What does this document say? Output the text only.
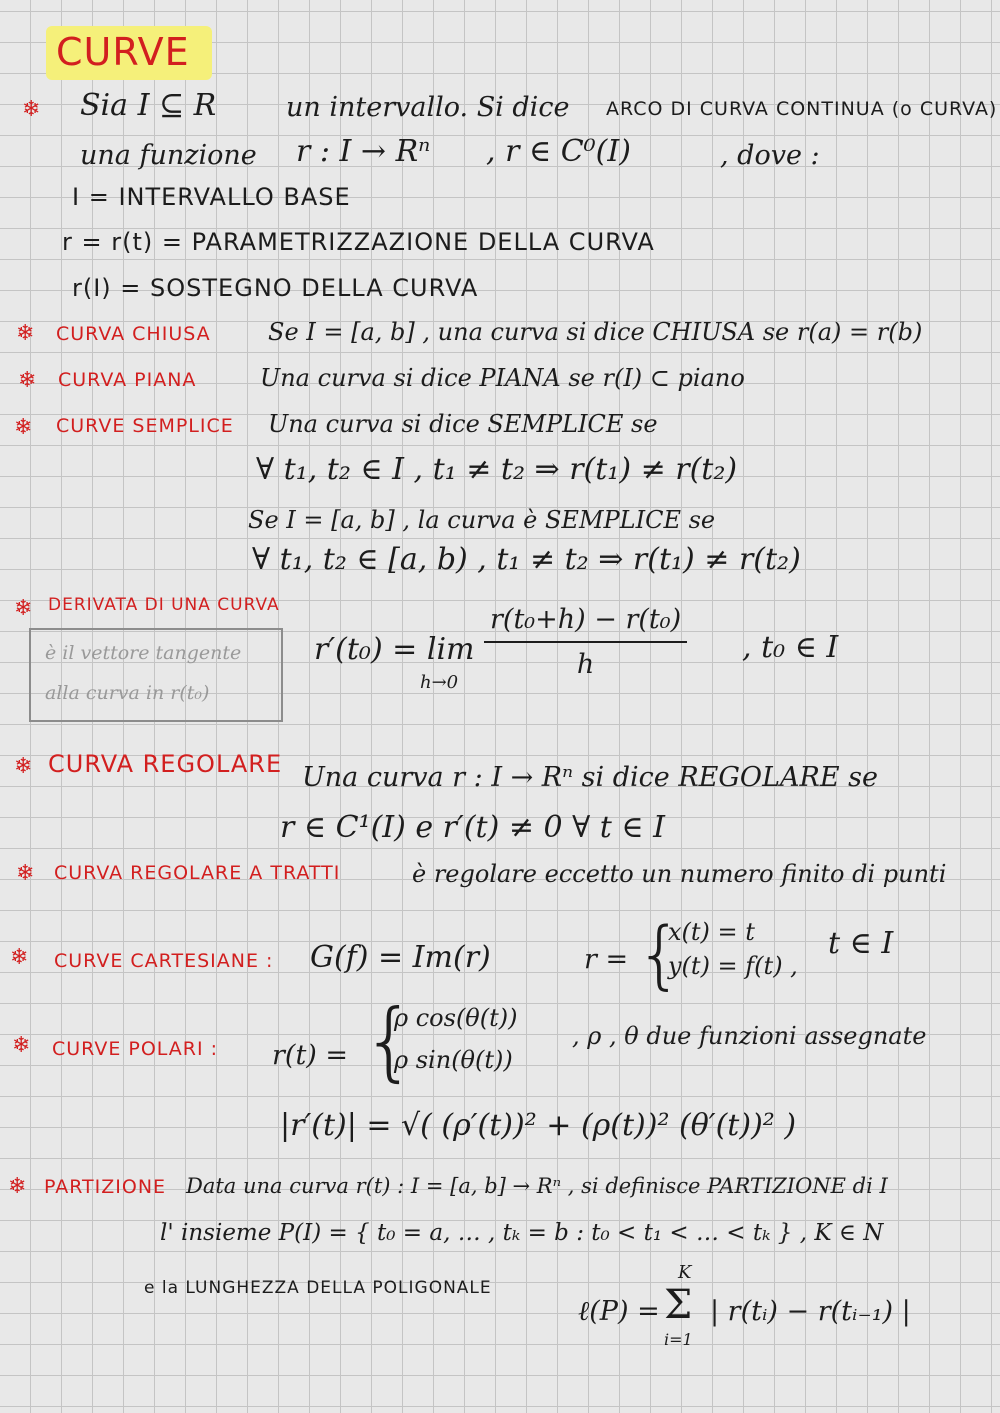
CURVE
❄ Sia I ⊆ R	un intervallo. Si dice ARCO DI CURVA CONTINUA (o CURVA)
una funzione r : I → Rⁿ , r ∈ C⁰(I)	, dove :
I = INTERVALLO BASE
r = r(t) = PARAMETRIZZAZIONE DELLA CURVA
r(I) = SOSTEGNO DELLA CURVA
❄ CURVA CHIUSA Se I = [a, b] , una curva si dice CHIUSA se r(a) = r(b)
❄ CURVA PIANA	Una curva si dice PIANA se r(I) ⊂ piano
❄ CURVE SEMPLICE Una curva si dice SEMPLICE se
∀ t₁, t₂ ∈ I , t₁ ≠ t₂ ⇒ r(t₁) ≠ r(t₂)
Se I = [a, b] , la curva è SEMPLICE se
∀ t₁, t₂ ∈ [a, b) , t₁ ≠ t₂ ⇒ r(t₁) ≠ r(t₂)
❄ DERIVATA DI UNA CURVA
è il vettore tangente
alla curva in r(t₀)
r′(t₀) = lim
h→0
$\frac{\text{r(t₀+h) − r(t₀)}}{h}$ , t₀ ∈ I
❄ CURVA REGOLARE Una curva r : I → Rⁿ si dice REGOLARE se
r ∈ C¹(I) e r′(t) ≠ 0 ∀ t ∈ I
❄ CURVA REGOLARE A TRATTI	è regolare eccetto un numero finito di punti
❄ CURVE CARTESIANE : G(f) = Im(r)	r = {
x(t) = t
y(t) = f(t) ,
t ∈ I
❄ CURVE POLARI : r(t) = {
ρ cos(θ(t))
ρ sin(θ(t))
, ρ , θ due funzioni assegnate
|r′(t)| = √( (ρ′(t))² + (ρ(t))² (θ′(t))² )
❄ PARTIZIONE Data una curva r(t) : I = [a, b] → Rⁿ , si definisce PARTIZIONE di I
l' insieme P(I) = { t₀ = a, … , tₖ = b : t₀ < t₁ < … < tₖ } , K ∈ N
e la LUNGHEZZA DELLA POLIGONALE
K
ℓ(P) = Σ | r(tᵢ) − r(tᵢ₋₁) |
i=1
